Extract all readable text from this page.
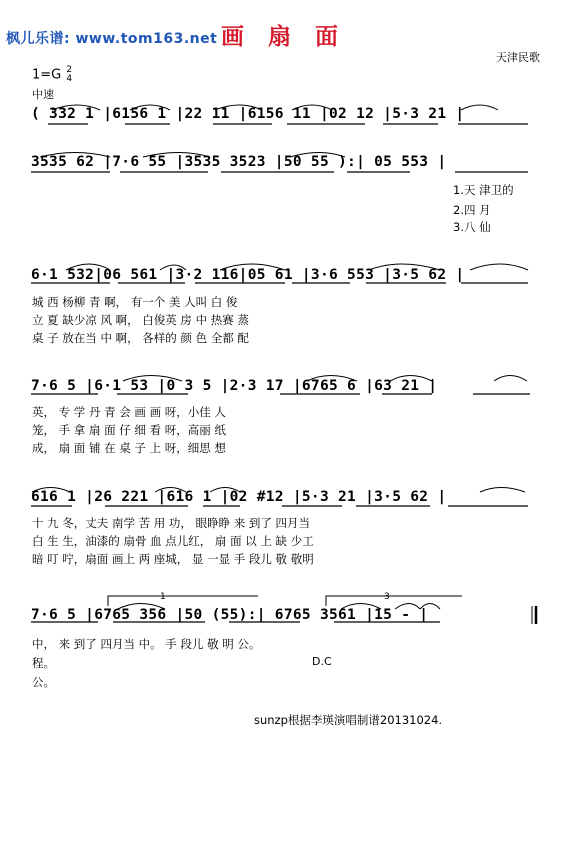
1	3
枫儿乐谱: www.tom163.net 画扇面
天津民歌
1=G 2
4
中速
( 332 1 |6156 1 |22 11 |6156 11 |02 12 |5·3 21 |
3535 62 |7·6 55 |3535 3523 |50 55 ):| 05 553 |
1.天 津卫的
2.四 月
3.八 仙
6·1 532|06 561 |3·2 116|05 61 |3·6 553 |3·5 62 |
城 西 杨柳 青 啊， 有一个 美 人叫 白 俊
立 夏 缺少凉 风 啊， 白俊英 房 中 热赛 蒸
桌 子 放在当 中 啊， 各样的 颜 色 全都 配
7·6 5 |6·1 53 |0 3 5 |2·3 17 |6765 6 |63 21 |
英， 专 学 丹 青 会 画 画 呀，小佳 人
笼， 手 拿 扇 面 仔 细 看 呀，高丽 纸
成， 扇 面 铺 在 桌 子 上 呀，细思 想
616 1 |26 221 |616 1 |02 #12 |5·3 21 |3·5 62 |
十 九 冬，丈夫 南学 苦 用 功， 眼睁睁 来 到了 四月当
白 生 生，油漆的 扇骨 血 点儿红， 扇 面 以 上 缺 少工
暗 叮 咛，扇面 画上 两 座城， 显 一显 手 段儿 敬 敬明
7·6 5 |6765 356 |50 (55):| 6765 3561 |15 - |
中， 来 到了 四月当 中。 手 段儿 敬 明 公。
程。
公。
D.C
sunzp根据李瑛演唱制谱20131024.
